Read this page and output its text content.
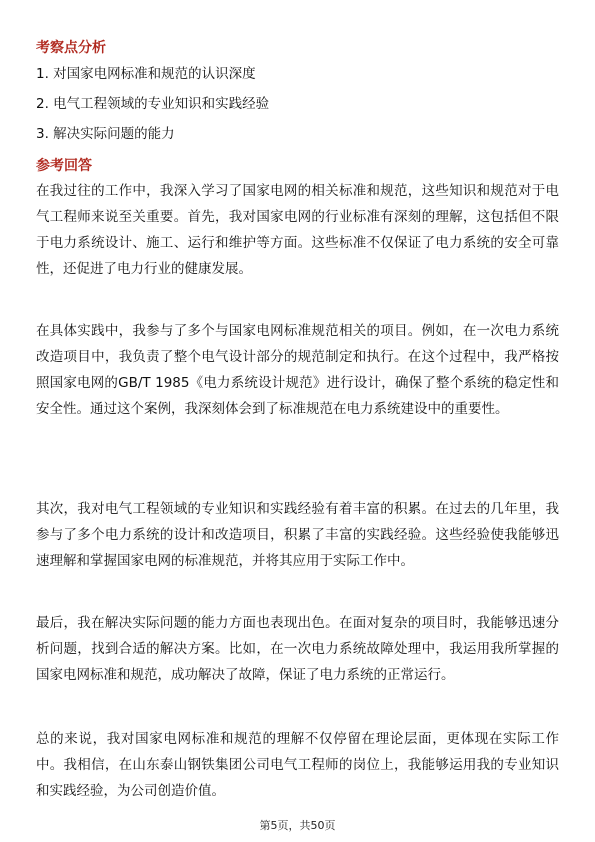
考察点分析
1. 对国家电网标准和规范的认识深度
2. 电气工程领域的专业知识和实践经验
3. 解决实际问题的能力
参考回答
在我过往的工作中，我深入学习了国家电网的相关标准和规范，这些知识和规范对于电气工程师来说至关重要。首先，我对国家电网的行业标准有深刻的理解，这包括但不限于电力系统设计、施工、运行和维护等方面。这些标准不仅保证了电力系统的安全可靠性，还促进了电力行业的健康发展。
在具体实践中，我参与了多个与国家电网标准规范相关的项目。例如，在一次电力系统改造项目中，我负责了整个电气设计部分的规范制定和执行。在这个过程中，我严格按照国家电网的GB/T 1985《电力系统设计规范》进行设计，确保了整个系统的稳定性和安全性。通过这个案例，我深刻体会到了标准规范在电力系统建设中的重要性。
其次，我对电气工程领域的专业知识和实践经验有着丰富的积累。在过去的几年里，我参与了多个电力系统的设计和改造项目，积累了丰富的实践经验。这些经验使我能够迅速理解和掌握国家电网的标准规范，并将其应用于实际工作中。
最后，我在解决实际问题的能力方面也表现出色。在面对复杂的项目时，我能够迅速分析问题，找到合适的解决方案。比如，在一次电力系统故障处理中，我运用我所掌握的国家电网标准和规范，成功解决了故障，保证了电力系统的正常运行。
总的来说，我对国家电网标准和规范的理解不仅停留在理论层面，更体现在实际工作中。我相信，在山东泰山钢铁集团公司电气工程师的岗位上，我能够运用我的专业知识和实践经验，为公司创造价值。
第5页，共50页
